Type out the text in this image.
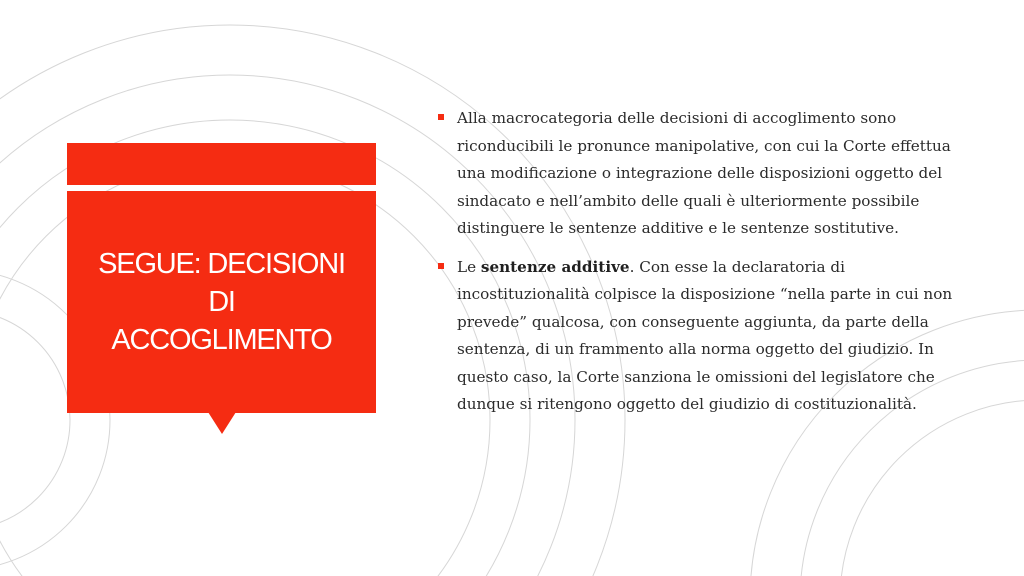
SEGUE: DECISIONI
DI
ACCOGLIMENTO
Alla macrocategoria delle decisioni di accoglimento sono riconducibili le pronunce manipolative, con cui la Corte effettua una modificazione o integrazione delle disposizioni oggetto del sindacato e nell’ambito delle quali è ulteriormente possibile distinguere le sentenze additive e le sentenze sostitutive.
Le sentenze additive. Con esse la declaratoria di incostituzionalità colpisce la disposizione “nella parte in cui non prevede” qualcosa, con conseguente aggiunta, da parte della sentenza, di un frammento alla norma oggetto del giudizio. In questo caso, la Corte sanziona le omissioni del legislatore che dunque si ritengono oggetto del giudizio di costituzionalità.
